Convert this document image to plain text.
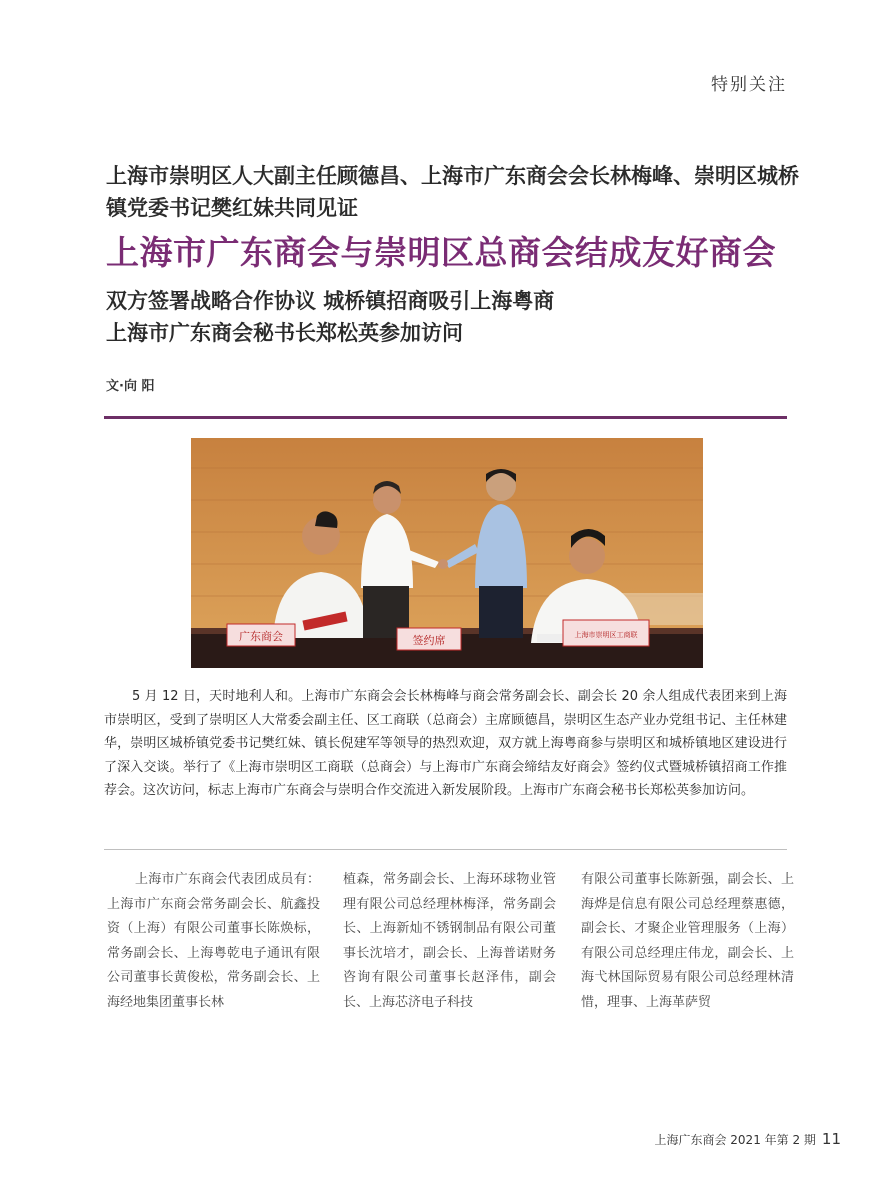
特别关注
上海市崇明区人大副主任顾德昌、上海市广东商会会长林梅峰、崇明区城桥镇党委书记樊红妹共同见证
上海市广东商会与崇明区总商会结成友好商会
双方签署战略合作协议 城桥镇招商吸引上海粤商
上海市广东商会秘书长郑松英参加访问
文·向 阳
广东商会	签约席	上海市崇明区工商联
5 月 12 日，天时地利人和。上海市广东商会会长林梅峰与商会常务副会长、副会长 20 余人组成代表团来到上海市崇明区，受到了崇明区人大常委会副主任、区工商联（总商会）主席顾德昌，崇明区生态产业办党组书记、主任林建华，崇明区城桥镇党委书记樊红妹、镇长倪建军等领导的热烈欢迎，双方就上海粤商参与崇明区和城桥镇地区建设进行了深入交谈。举行了《上海市崇明区工商联（总商会）与上海市广东商会缔结友好商会》签约仪式暨城桥镇招商工作推荐会。这次访问，标志上海市广东商会与崇明合作交流进入新发展阶段。上海市广东商会秘书长郑松英参加访问。
上海市广东商会代表团成员有：上海市广东商会常务副会长、航鑫投资（上海）有限公司董事长陈焕标，常务副会长、上海粤乾电子通讯有限公司董事长黄俊松，常务副会长、上海经地集团董事长林
植森，常务副会长、上海环球物业管理有限公司总经理林梅泽，常务副会长、上海新灿不锈钢制品有限公司董事长沈培才，副会长、上海普诺财务咨询有限公司董事长赵泽伟，副会长、上海芯济电子科技
有限公司董事长陈新强，副会长、上海烨是信息有限公司总经理蔡惠德，副会长、才聚企业管理服务（上海）有限公司总经理庄伟龙，副会长、上海弋林国际贸易有限公司总经理林清惜，理事、上海革萨贸
上海广东商会 2021 年第 2 期 11
